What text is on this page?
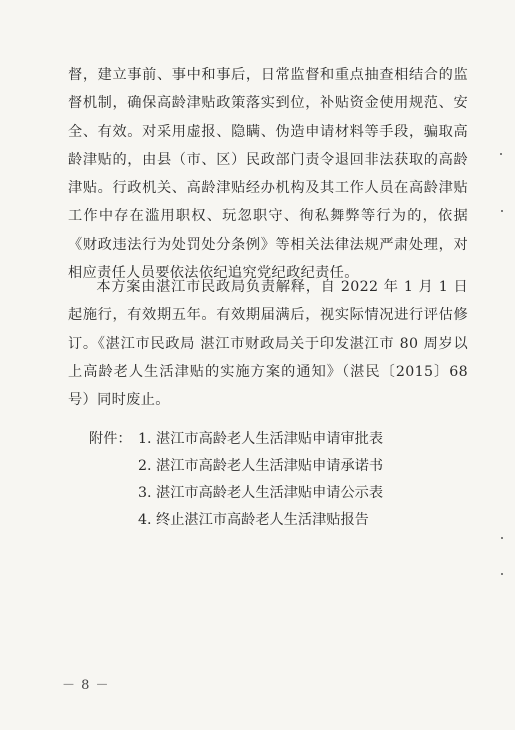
督，建立事前、事中和事后，日常监督和重点抽查相结合的监督机制，确保高龄津贴政策落实到位，补贴资金使用规范、安全、有效。对采用虚报、隐瞒、伪造申请材料等手段，骗取高龄津贴的，由县（市、区）民政部门责令退回非法获取的高龄津贴。行政机关、高龄津贴经办机构及其工作人员在高龄津贴工作中存在滥用职权、玩忽职守、徇私舞弊等行为的，依据《财政违法行为处罚处分条例》等相关法律法规严肃处理，对相应责任人员要依法依纪追究党纪政纪责任。

本方案由湛江市民政局负责解释，自 2022 年 1 月 1 日起施行，有效期五年。有效期届满后，视实际情况进行评估修订。《湛江市民政局 湛江市财政局关于印发湛江市 80 周岁以上高龄老人生活津贴的实施方案的通知》（湛民〔2015〕68 号）同时废止。

附件： 1. 湛江市高龄老人生活津贴申请审批表
2. 湛江市高龄老人生活津贴申请承诺书
3. 湛江市高龄老人生活津贴申请公示表
4. 终止湛江市高龄老人生活津贴报告
－ 8 －
